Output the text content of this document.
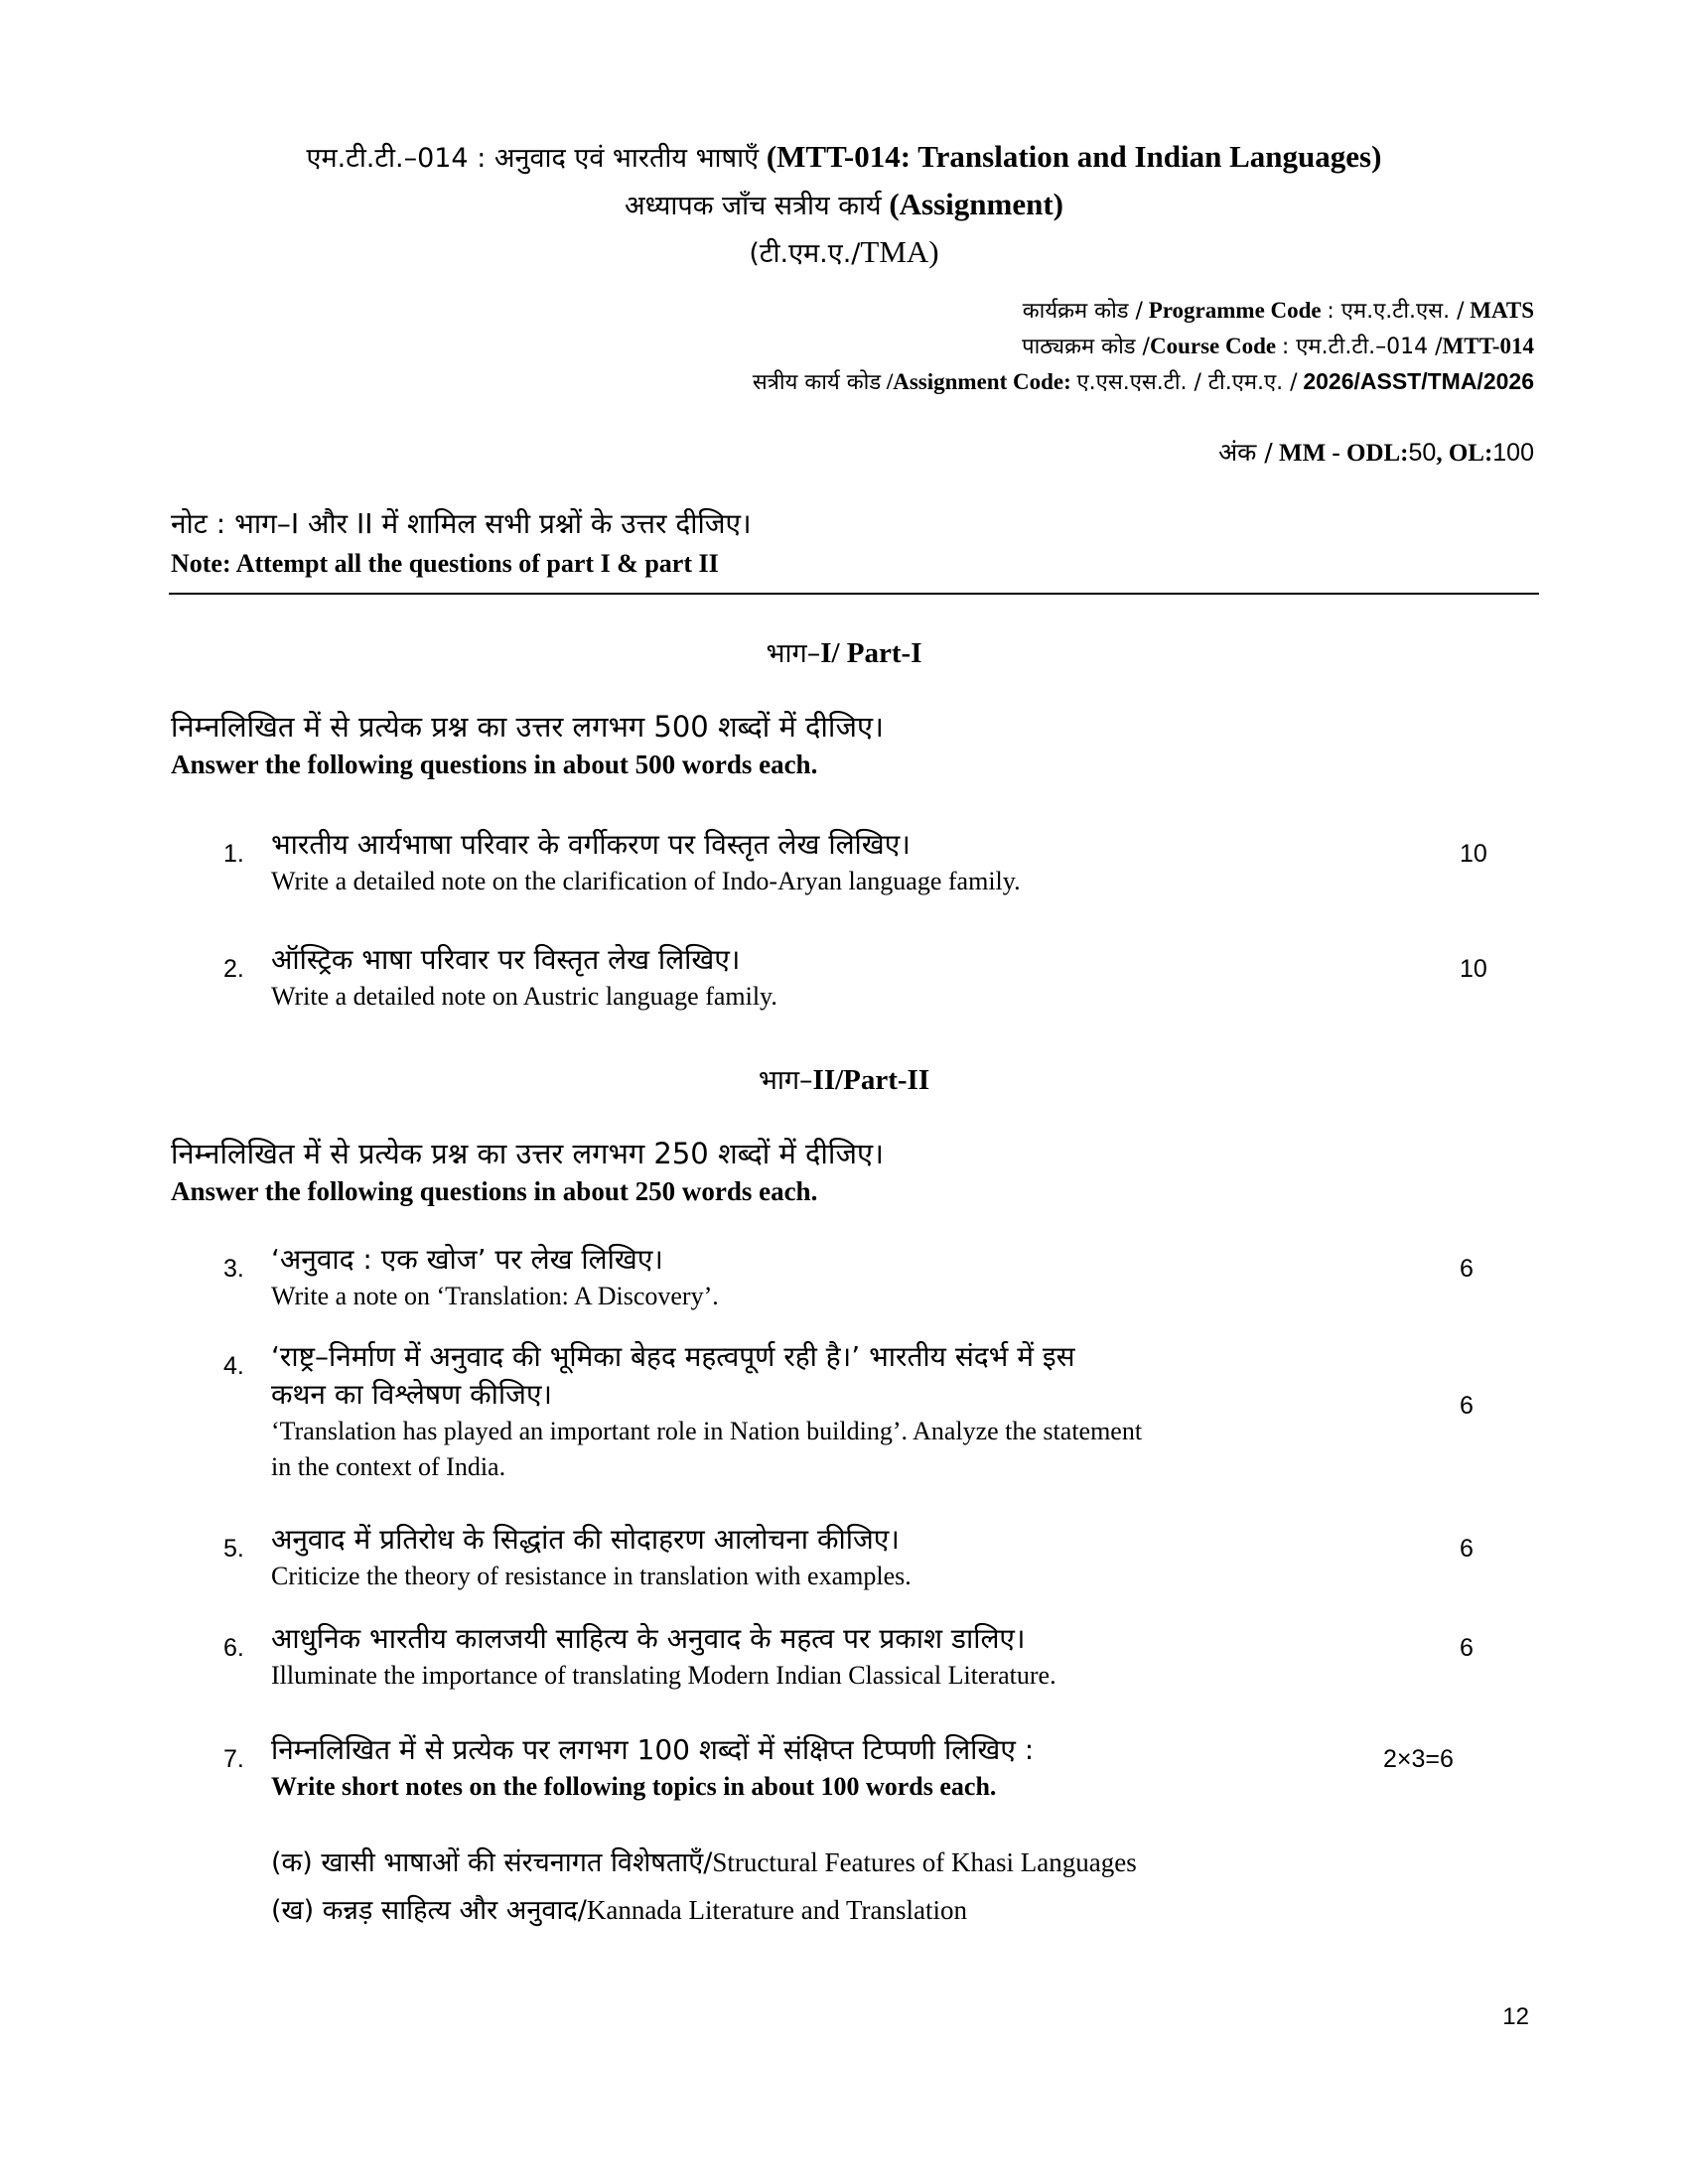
एम.टी.टी.–014 : अनुवाद एवं भारतीय भाषाएँ (MTT-014: Translation and Indian Languages)
अध्यापक जाँच सत्रीय कार्य (Assignment)
(टी.एम.ए./TMA)
कार्यक्रम कोड / Programme Code : एम.ए.टी.एस. / MATS
पाठ्यक्रम कोड /Course Code : एम.टी.टी.–014 /MTT-014
सत्रीय कार्य कोड /Assignment Code: ए.एस.एस.टी. / टी.एम.ए. / 2026/ASST/TMA/2026
अंक / MM - ODL:50, OL:100
नोट : भाग–I और II में शामिल सभी प्रश्नों के उत्तर दीजिए।
Note: Attempt all the questions of part I & part II
भाग–I/ Part-I
निम्नलिखित में से प्रत्येक प्रश्न का उत्तर लगभग 500 शब्दों में दीजिए।
Answer the following questions in about 500 words each.
1. भारतीय आर्यभाषा परिवार के वर्गीकरण पर विस्तृत लेख लिखिए।
Write a detailed note on the clarification of Indo-Aryan language family.
10
2. ऑस्ट्रिक भाषा परिवार पर विस्तृत लेख लिखिए।
Write a detailed note on Austric language family.
10
भाग–II/Part-II
निम्नलिखित में से प्रत्येक प्रश्न का उत्तर लगभग 250 शब्दों में दीजिए।
Answer the following questions in about 250 words each.
3. ‘अनुवाद : एक खोज’ पर लेख लिखिए।
Write a note on ‘Translation: A Discovery’.
6
4. ‘राष्ट्र–निर्माण में अनुवाद की भूमिका बेहद महत्वपूर्ण रही है।’ भारतीय संदर्भ में इस
कथन का विश्लेषण कीजिए।
‘Translation has played an important role in Nation building’. Analyze the statement
in the context of India.
6
5. अनुवाद में प्रतिरोध के सिद्धांत की सोदाहरण आलोचना कीजिए।
Criticize the theory of resistance in translation with examples.
6
6. आधुनिक भारतीय कालजयी साहित्य के अनुवाद के महत्व पर प्रकाश डालिए।
Illuminate the importance of translating Modern Indian Classical Literature.
6
7. निम्नलिखित में से प्रत्येक पर लगभग 100 शब्दों में संक्षिप्त टिप्पणी लिखिए :
Write short notes on the following topics in about 100 words each.
2×3=6
(क) खासी भाषाओं की संरचनागत विशेषताएँ/Structural Features of Khasi Languages
(ख) कन्नड़ साहित्य और अनुवाद/Kannada Literature and Translation
12
